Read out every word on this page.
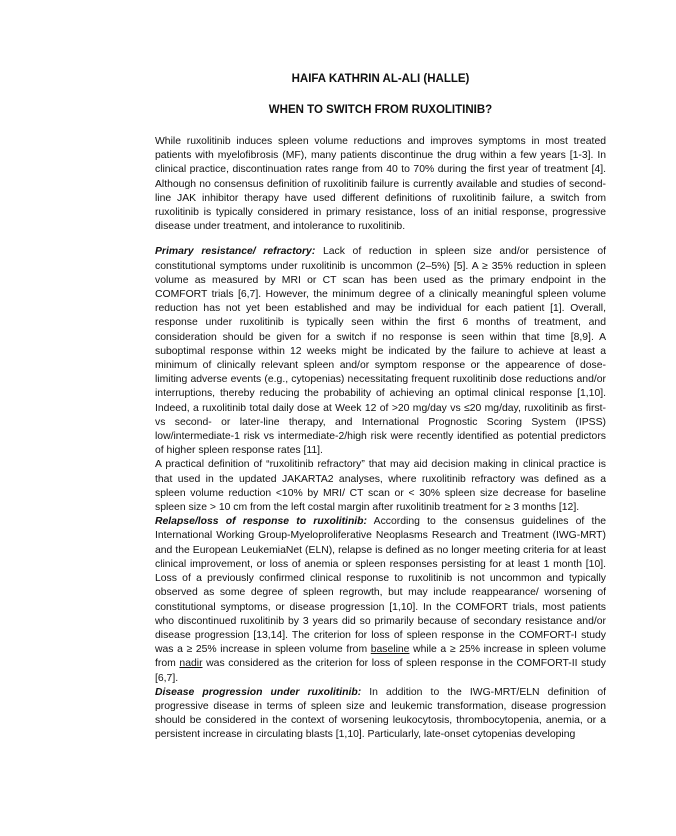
HAIFA KATHRIN AL-ALI (HALLE)

WHEN TO SWITCH FROM RUXOLITINIB?

While ruxolitinib induces spleen volume reductions and improves symptoms in most treated patients with myelofibrosis (MF), many patients discontinue the drug within a few years [1-3]. In clinical practice, discontinuation rates range from 40 to 70% during the first year of treatment [4]. Although no consensus definition of ruxolitinib failure is currently available and studies of second-line JAK inhibitor therapy have used different definitions of ruxolitinib failure, a switch from ruxolitinib is typically considered in primary resistance, loss of an initial response, progressive disease under treatment, and intolerance to ruxolitinib.

Primary resistance/ refractory: Lack of reduction in spleen size and/or persistence of constitutional symptoms under ruxolitinib is uncommon (2–5%) [5]. A ≥ 35% reduction in spleen volume as measured by MRI or CT scan has been used as the primary endpoint in the COMFORT trials [6,7]. However, the minimum degree of a clinically meaningful spleen volume reduction has not yet been established and may be individual for each patient [1]. Overall, response under ruxolitinib is typically seen within the first 6 months of treatment, and consideration should be given for a switch if no response is seen within that time [8,9]. A suboptimal response within 12 weeks might be indicated by the failure to achieve at least a minimum of clinically relevant spleen and/or symptom response or the appearence of dose-limiting adverse events (e.g., cytopenias) necessitating frequent ruxolitinib dose reductions and/or interruptions, thereby reducing the probability of achieving an optimal clinical response [1,10]. Indeed, a ruxolitinib total daily dose at Week 12 of >20 mg/day vs ≤20 mg/day, ruxolitinib as first- vs second- or later-line therapy, and International Prognostic Scoring System (IPSS) low/intermediate-1 risk vs intermediate-2/high risk were recently identified as potential predictors of higher spleen response rates [11].

A practical definition of “ruxolitinib refractory” that may aid decision making in clinical practice is that used in the updated JAKARTA2 analyses, where ruxolitinib refractory was defined as a spleen volume reduction <10% by MRI/ CT scan or < 30% spleen size decrease for baseline spleen size > 10 cm from the left costal margin after ruxolitinib treatment for ≥ 3 months [12].

Relapse/loss of response to ruxolitinib: According to the consensus guidelines of the International Working Group-Myeloproliferative Neoplasms Research and Treatment (IWG-MRT) and the European LeukemiaNet (ELN), relapse is defined as no longer meeting criteria for at least clinical improvement, or loss of anemia or spleen responses persisting for at least 1 month [10]. Loss of a previously confirmed clinical response to ruxolitinib is not uncommon and typically observed as some degree of spleen regrowth, but may include reappearance/ worsening of constitutional symptoms, or disease progression [1,10]. In the COMFORT trials, most patients who discontinued ruxolitinib by 3 years did so primarily because of secondary resistance and/or disease progression [13,14]. The criterion for loss of spleen response in the COMFORT-I study was a ≥ 25% increase in spleen volume from baseline while a ≥ 25% increase in spleen volume from nadir was considered as the criterion for loss of spleen response in the COMFORT-II study [6,7].

Disease progression under ruxolitinib: In addition to the IWG-MRT/ELN definition of progressive disease in terms of spleen size and leukemic transformation, disease progression should be considered in the context of worsening leukocytosis, thrombocytopenia, anemia, or a persistent increase in circulating blasts [1,10]. Particularly, late-onset cytopenias developing
